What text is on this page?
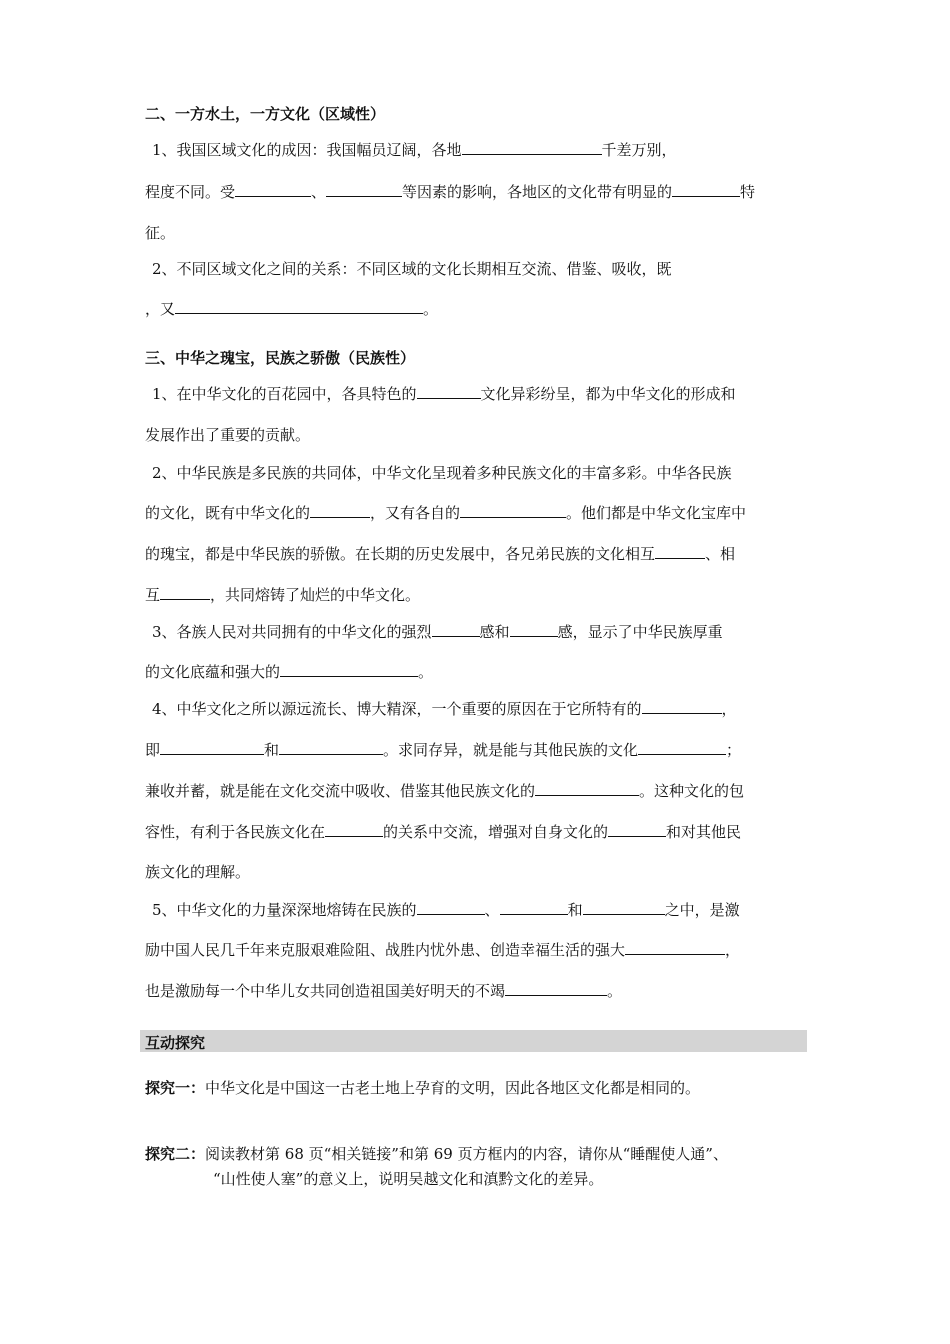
二、一方水土，一方文化（区域性）
1、我国区域文化的成因：我国幅员辽阔，各地	千差万别，
程度不同。受	、	等因素的影响，各地区的文化带有明显的	特
征。
2、不同区域文化之间的关系：不同区域的文化长期相互交流、借鉴、吸收，既
，又	。
三、中华之瑰宝，民族之骄傲（民族性）
1、在中华文化的百花园中，各具特色的	文化异彩纷呈，都为中华文化的形成和
发展作出了重要的贡献。
2、中华民族是多民族的共同体，中华文化呈现着多种民族文化的丰富多彩。中华各民族
的文化，既有中华文化的	，又有各自的	。他们都是中华文化宝库中
的瑰宝，都是中华民族的骄傲。在长期的历史发展中，各兄弟民族的文化相互	、相
互	，共同熔铸了灿烂的中华文化。
3、各族人民对共同拥有的中华文化的强烈	感和	感，显示了中华民族厚重
的文化底蕴和强大的	。
4、中华文化之所以源远流长、博大精深，一个重要的原因在于它所特有的	，
即	和	。求同存异，就是能与其他民族的文化	；
兼收并蓄，就是能在文化交流中吸收、借鉴其他民族文化的	。这种文化的包
容性，有利于各民族文化在	的关系中交流，增强对自身文化的	和对其他民
族文化的理解。
5、中华文化的力量深深地熔铸在民族的	、	和	之中，是激
励中国人民几千年来克服艰难险阻、战胜内忧外患、创造幸福生活的强大	，
也是激励每一个中华儿女共同创造祖国美好明天的不竭	。
互动探究
探究一：中华文化是中国这一古老土地上孕育的文明，因此各地区文化都是相同的。
探究二：阅读教材第 68 页“相关链接”和第 69 页方框内的内容，请你从“睡醒使人通”、
“山性使人塞”的意义上，说明吴越文化和滇黔文化的差异。
